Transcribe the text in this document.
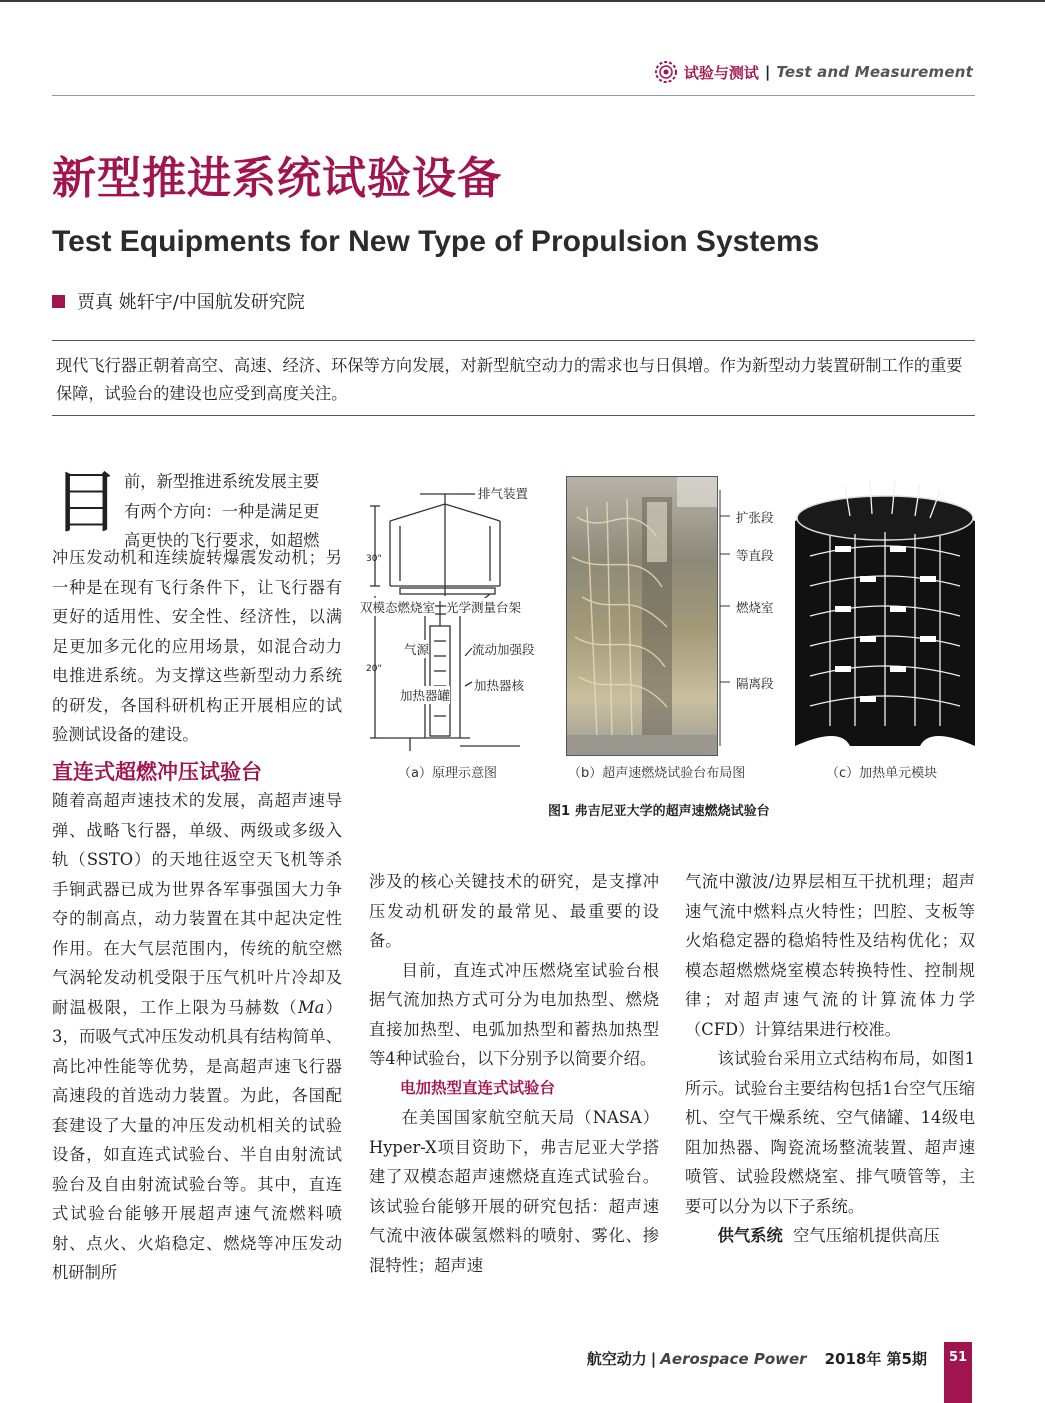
试验与测试 | Test and Measurement
新型推进系统试验设备
Test Equipments for New Type of Propulsion Systems
贾真 姚轩宇/中国航发研究院
现代飞行器正朝着高空、高速、经济、环保等方向发展，对新型航空动力的需求也与日俱增。作为新型动力装置研制工作的重要保障，试验台的建设也应受到高度关注。
目 前，新型推进系统发展主要

有两个方向：一种是满足更

高更快的飞行要求，如超燃

冲压发动机和连续旋转爆震发动机；另一种是在现有飞行条件下，让飞行器有更好的适用性、安全性、经济性，以满足更加多元化的应用场景，如混合动力电推进系统。为支撑这些新型动力系统的研发，各国科研机构正开展相应的试验测试设备的建设。

直连式超燃冲压试验台

随着高超声速技术的发展，高超声速导弹、战略飞行器，单级、两级或多级入轨（SSTO）的天地往返空天飞机等杀手锏武器已成为世界各军事强国大力争夺的制高点，动力装置在其中起决定性作用。在大气层范围内，传统的航空燃气涡轮发动机受限于压气机叶片冷却及耐温极限，工作上限为马赫数（Ma）3，而吸气式冲压发动机具有结构简单、高比冲性能等优势，是高超声速飞行器高速段的首选动力装置。为此，各国配套建设了大量的冲压发动机相关的试验设备，如直连式试验台、半自由射流试验台及自由射流试验台等。其中，直连式试验台能够开展超声速气流燃料喷射、点火、火焰稳定、燃烧等冲压发动机研制所

排气装置
双模态燃烧室 光学测量台架
气源	流动加强段
加热器核
加热器罐
30"
20"
扩张段
等直段
燃烧室
隔离段
（a）原理示意图	（b）超声速燃烧试验台布局图	（c）加热单元模块
图1 弗吉尼亚大学的超声速燃烧试验台

涉及的核心关键技术的研究，是支撑冲压发动机研发的最常见、最重要的设备。

目前，直连式冲压燃烧室试验台根据气流加热方式可分为电加热型、燃烧直接加热型、电弧加热型和蓄热加热型等4种试验台，以下分别予以简要介绍。

电加热型直连式试验台

在美国国家航空航天局（NASA）Hyper-X项目资助下，弗吉尼亚大学搭建了双模态超声速燃烧直连式试验台。该试验台能够开展的研究包括：超声速气流中液体碳氢燃料的喷射、雾化、掺混特性；超声速

气流中激波/边界层相互干扰机理；超声速气流中燃料点火特性；凹腔、支板等火焰稳定器的稳焰特性及结构优化；双模态超燃燃烧室模态转换特性、控制规律；对超声速气流的计算流体力学（CFD）计算结果进行校准。

该试验台采用立式结构布局，如图1所示。试验台主要结构包括1台空气压缩机、空气干燥系统、空气储罐、14级电阻加热器、陶瓷流场整流装置、超声速喷管、试验段燃烧室、排气喷管等，主要可以分为以下子系统。

供气系统 空气压缩机提供高压

航空动力 | Aerospace Power 2018年 第5期	51
